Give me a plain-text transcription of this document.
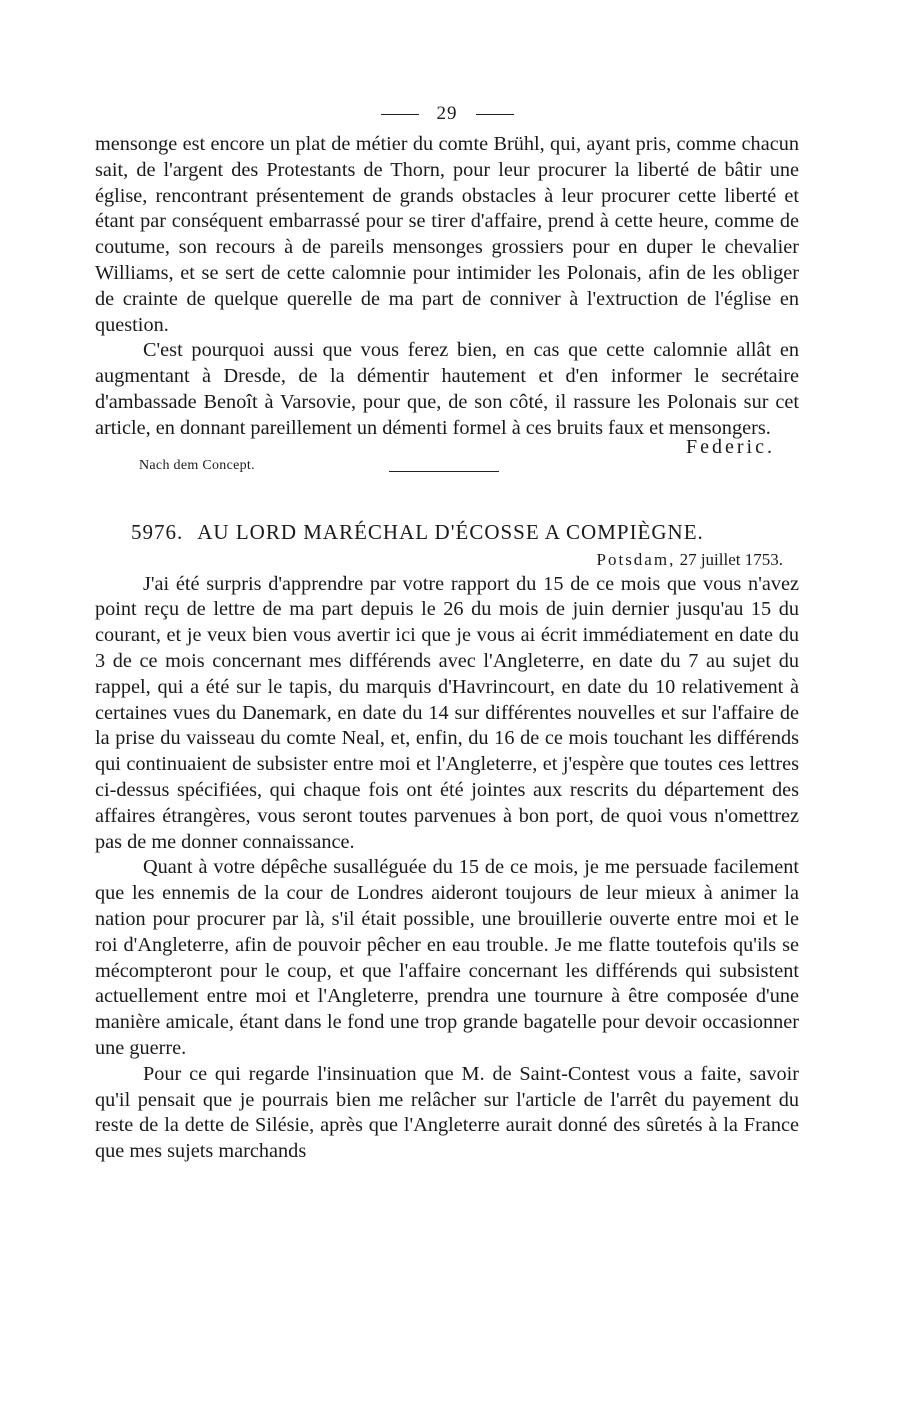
29

mensonge est encore un plat de métier du comte Brühl, qui, ayant pris, comme chacun sait, de l'argent des Protestants de Thorn, pour leur procurer la liberté de bâtir une église, rencontrant présentement de grands obstacles à leur procurer cette liberté et étant par conséquent embarrassé pour se tirer d'affaire, prend à cette heure, comme de coutume, son recours à de pareils mensonges grossiers pour en duper le chevalier Williams, et se sert de cette calomnie pour intimider les Polonais, afin de les obliger de crainte de quelque querelle de ma part de conniver à l'extruction de l'église en question.

C'est pourquoi aussi que vous ferez bien, en cas que cette calomnie allât en augmentant à Dresde, de la démentir hautement et d'en informer le secrétaire d'ambassade Benoît à Varsovie, pour que, de son côté, il rassure les Polonais sur cet article, en donnant pareillement un démenti formel à ces bruits faux et mensongers.

Federic.
Nach dem Concept.
5976. AU LORD MARÉCHAL D'ÉCOSSE A COMPIÈGNE.
Potsdam, 27 juillet 1753.

J'ai été surpris d'apprendre par votre rapport du 15 de ce mois que vous n'avez point reçu de lettre de ma part depuis le 26 du mois de juin dernier jusqu'au 15 du courant, et je veux bien vous avertir ici que je vous ai écrit immédiatement en date du 3 de ce mois concernant mes différends avec l'Angleterre, en date du 7 au sujet du rappel, qui a été sur le tapis, du marquis d'Havrincourt, en date du 10 relativement à certaines vues du Danemark, en date du 14 sur différentes nouvelles et sur l'affaire de la prise du vaisseau du comte Neal, et, enfin, du 16 de ce mois touchant les différends qui continuaient de subsister entre moi et l'Angleterre, et j'espère que toutes ces lettres ci-dessus spécifiées, qui chaque fois ont été jointes aux rescrits du département des affaires étrangères, vous seront toutes parvenues à bon port, de quoi vous n'omettrez pas de me donner connaissance.

Quant à votre dépêche susalléguée du 15 de ce mois, je me persuade facilement que les ennemis de la cour de Londres aideront toujours de leur mieux à animer la nation pour procurer par là, s'il était possible, une brouillerie ouverte entre moi et le roi d'Angleterre, afin de pouvoir pêcher en eau trouble. Je me flatte toutefois qu'ils se mécompteront pour le coup, et que l'affaire concernant les différends qui subsistent actuellement entre moi et l'Angleterre, prendra une tournure à être composée d'une manière amicale, étant dans le fond une trop grande bagatelle pour devoir occasionner une guerre.

Pour ce qui regarde l'insinuation que M. de Saint-Contest vous a faite, savoir qu'il pensait que je pourrais bien me relâcher sur l'article de l'arrêt du payement du reste de la dette de Silésie, après que l'Angleterre aurait donné des sûretés à la France que mes sujets marchands
